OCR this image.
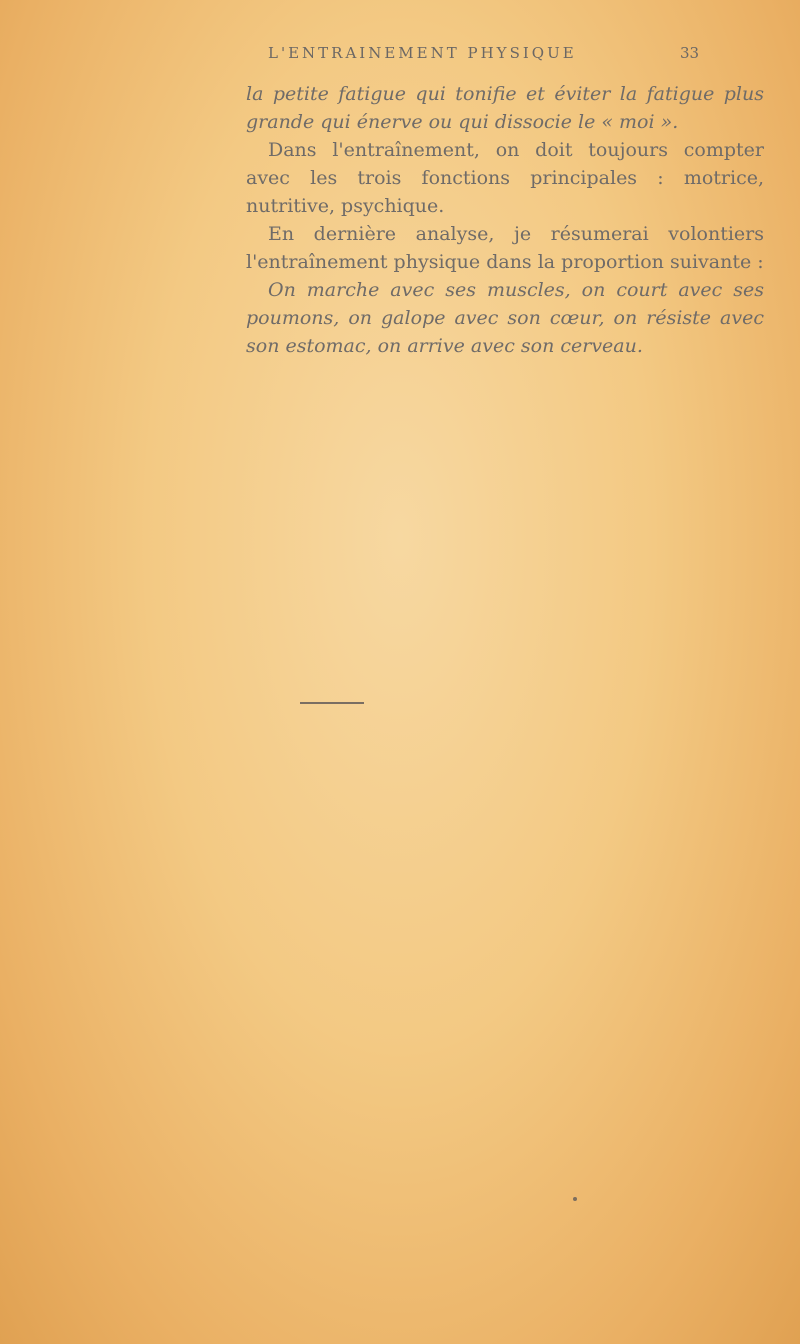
L'ENTRAINEMENT PHYSIQUE	33

la petite fatigue qui tonifie et éviter la fatigue plus grande qui énerve ou qui dissocie le « moi ».

Dans l'entraînement, on doit toujours compter avec les trois fonctions principales : motrice, nutritive, psychique.

En dernière analyse, je résumerai volontiers l'entraînement physique dans la proportion suivante :

On marche avec ses muscles, on court avec ses poumons, on galope avec son cœur, on résiste avec son estomac, on arrive avec son cerveau.
